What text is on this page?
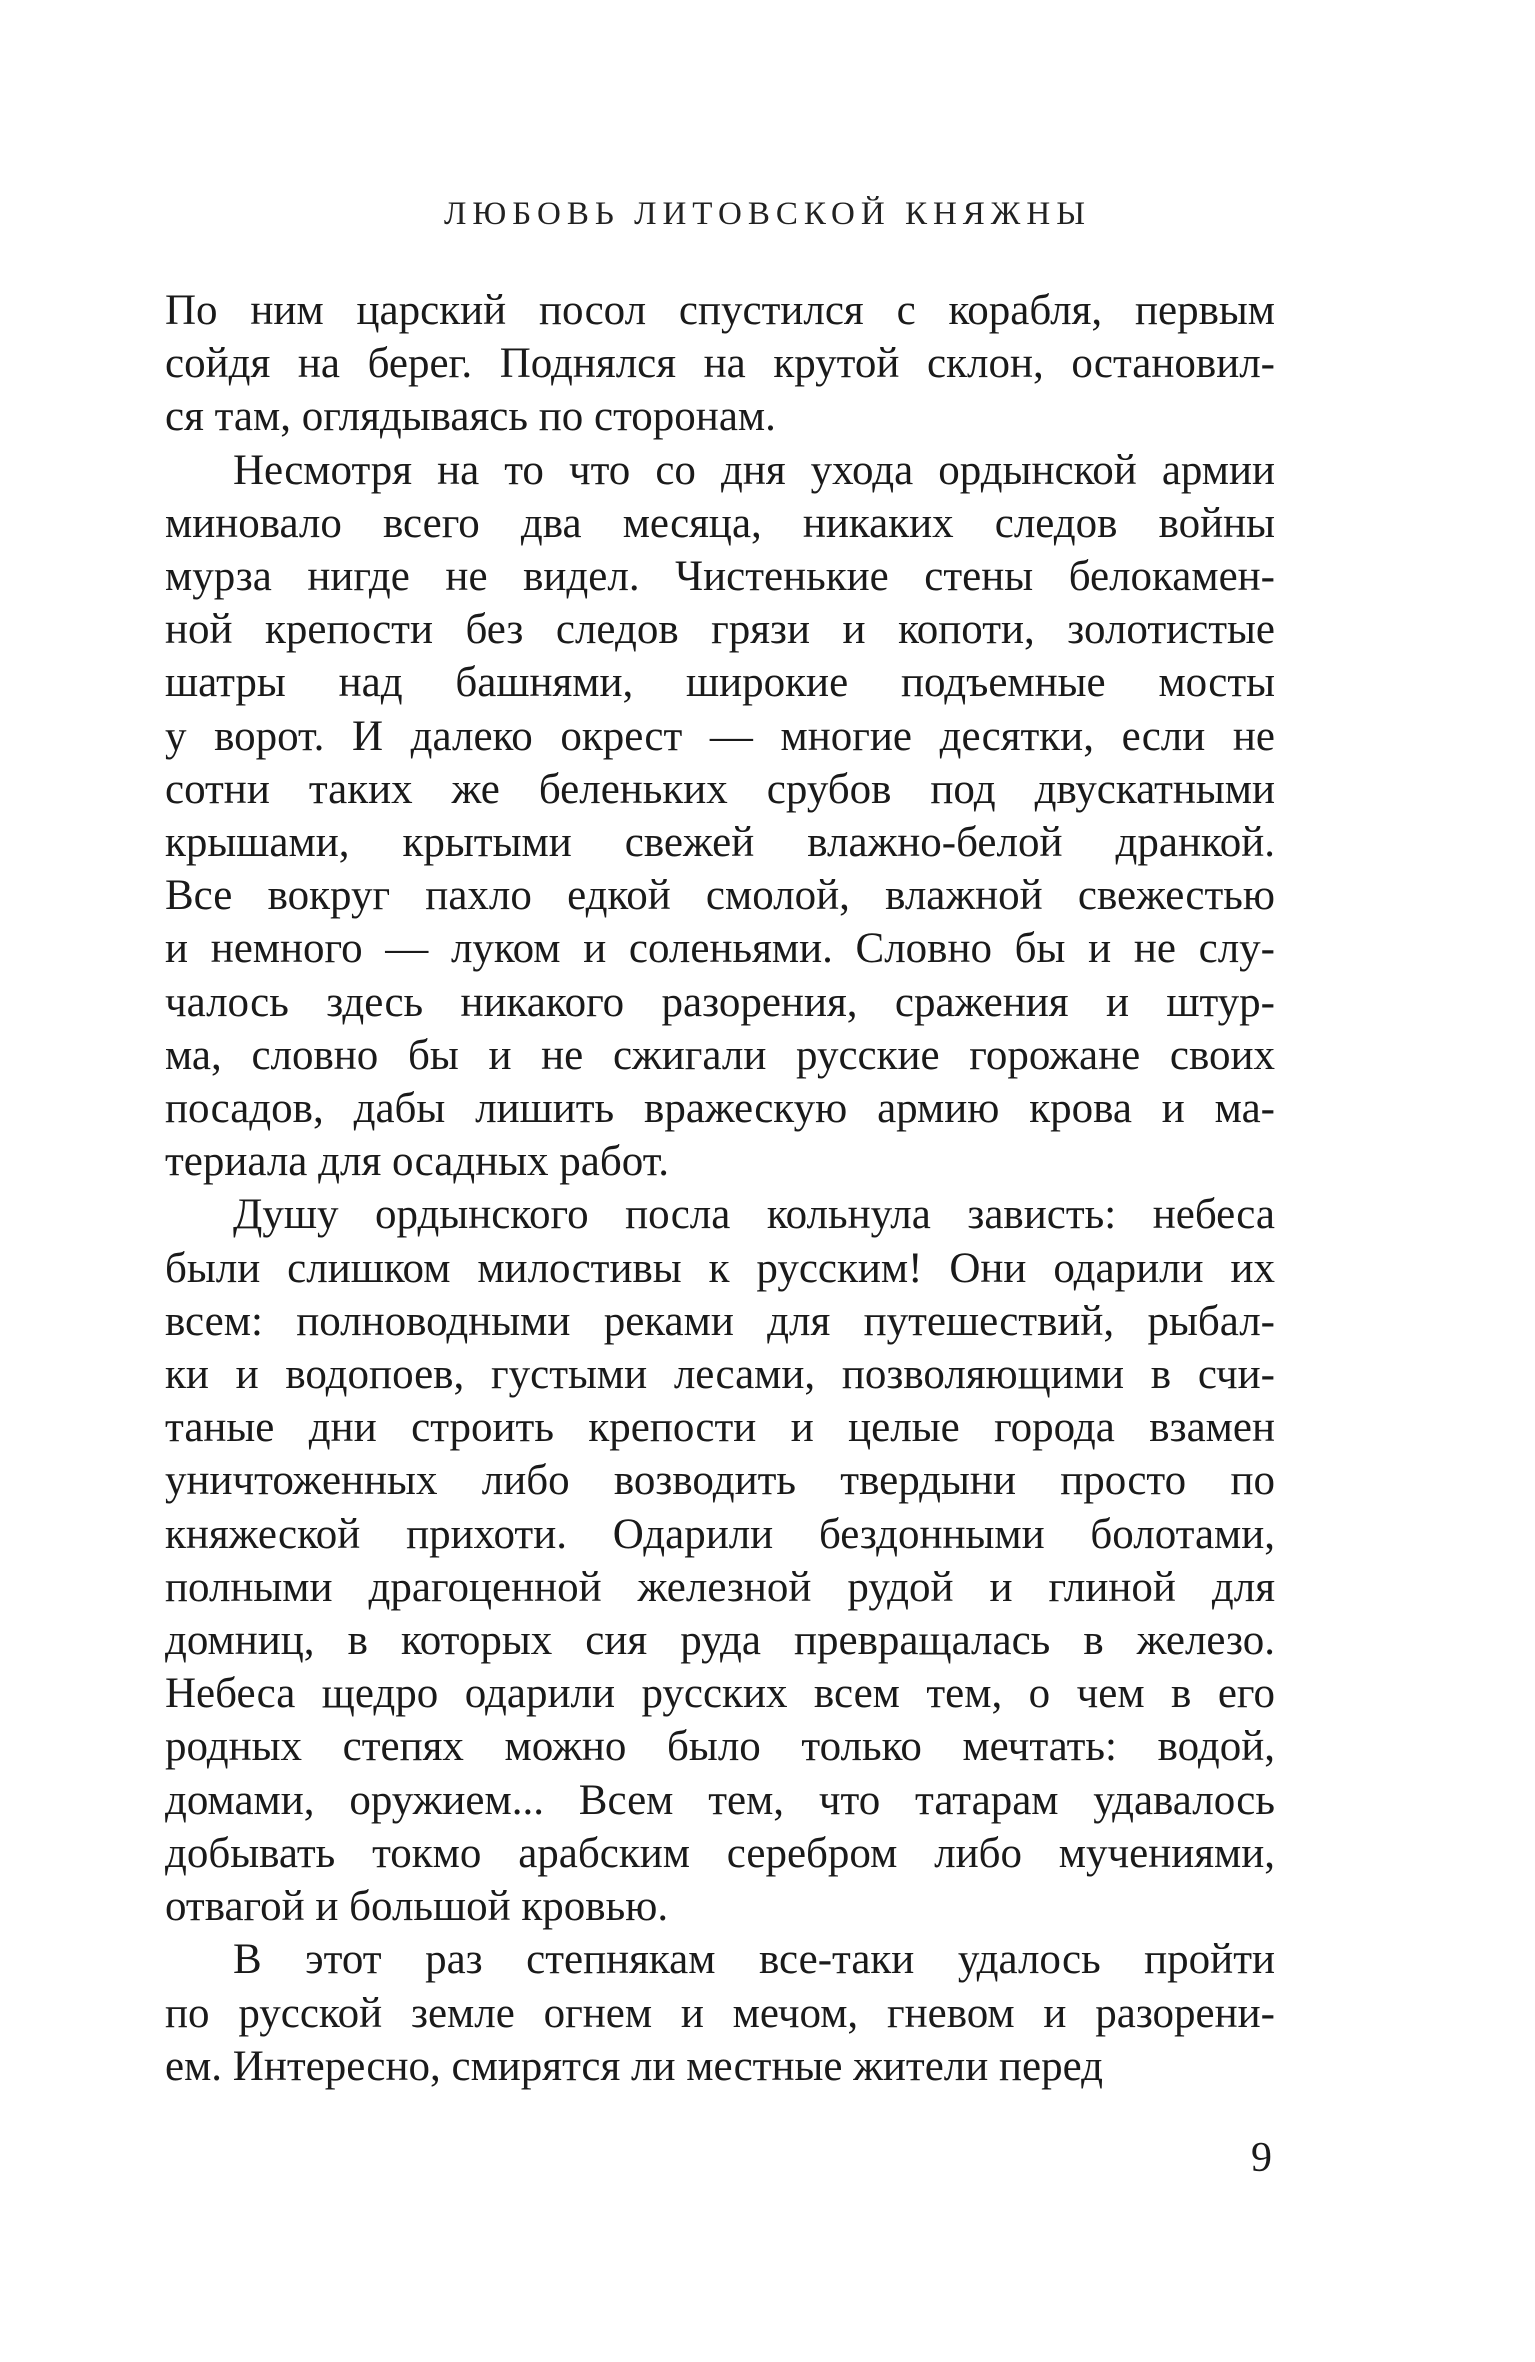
ЛЮБОВЬ ЛИТОВСКОЙ КНЯЖНЫ
По ним царский посол спустился с корабля, первым
сойдя на берег. Поднялся на крутой склон, остановил-
ся там, оглядываясь по сторонам.
Несмотря на то что со дня ухода ордынской армии
миновало всего два месяца, никаких следов войны
мурза нигде не видел. Чистенькие стены белокамен-
ной крепости без следов грязи и копоти, золотистые
шатры над башнями, широкие подъемные мосты
у ворот. И далеко окрест — многие десятки, если не
сотни таких же беленьких срубов под двускатными
крышами, крытыми свежей влажно-белой дранкой.
Все вокруг пахло едкой смолой, влажной свежестью
и немного — луком и соленьями. Словно бы и не слу-
чалось здесь никакого разорения, сражения и штур-
ма, словно бы и не сжигали русские горожане своих
посадов, дабы лишить вражескую армию крова и ма-
териала для осадных работ.
Душу ордынского посла кольнула зависть: небеса
были слишком милостивы к русским! Они одарили их
всем: полноводными реками для путешествий, рыбал-
ки и водопоев, густыми лесами, позволяющими в счи-
таные дни строить крепости и целые города взамен
уничтоженных либо возводить твердыни просто по
княжеской прихоти. Одарили бездонными болотами,
полными драгоценной железной рудой и глиной для
домниц, в которых сия руда превращалась в железо.
Небеса щедро одарили русских всем тем, о чем в его
родных степях можно было только мечтать: водой,
домами, оружием... Всем тем, что татарам удавалось
добывать токмо арабским серебром либо мучениями,
отвагой и большой кровью.
В этот раз степнякам все-таки удалось пройти
по русской земле огнем и мечом, гневом и разорени-
ем. Интересно, смирятся ли местные жители перед
9
